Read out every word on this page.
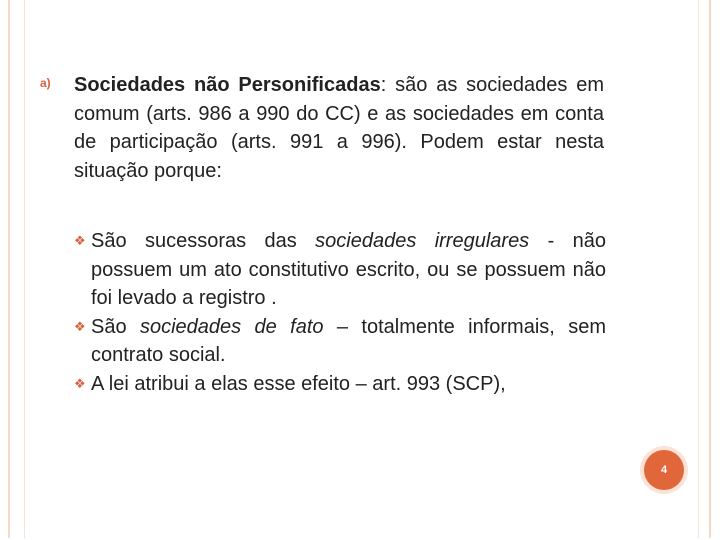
a)	Sociedades não Personificadas: são as sociedades em comum (arts. 986 a 990 do CC) e as sociedades em conta de participação (arts. 991 a 996). Podem estar nesta situação porque:
❖ São sucessoras das sociedades irregulares - não possuem um ato constitutivo escrito, ou se possuem não foi levado a registro .
❖ São sociedades de fato – totalmente informais, sem contrato social.
❖ A lei atribui a elas esse efeito – art. 993 (SCP),
4
